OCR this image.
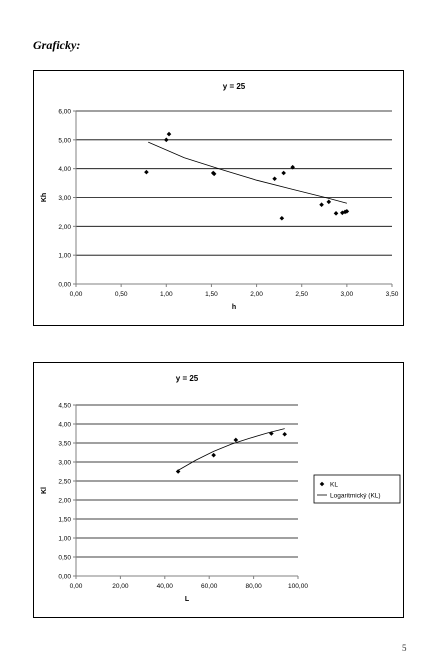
Graficky:
y = 25
0,00
1,00
2,00
3,00
4,00
5,00
6,00
0,00	0,50	1,00	1,50	2,00	2,50	3,00	3,50
h
Kh
y = 25
0,00
0,50
1,00
1,50
2,00
2,50
3,00
3,50
4,00
4,50
0,00	20,00	40,00	60,00	80,00	100,00
L
Kl
KL
Logaritmický (KL)
5
